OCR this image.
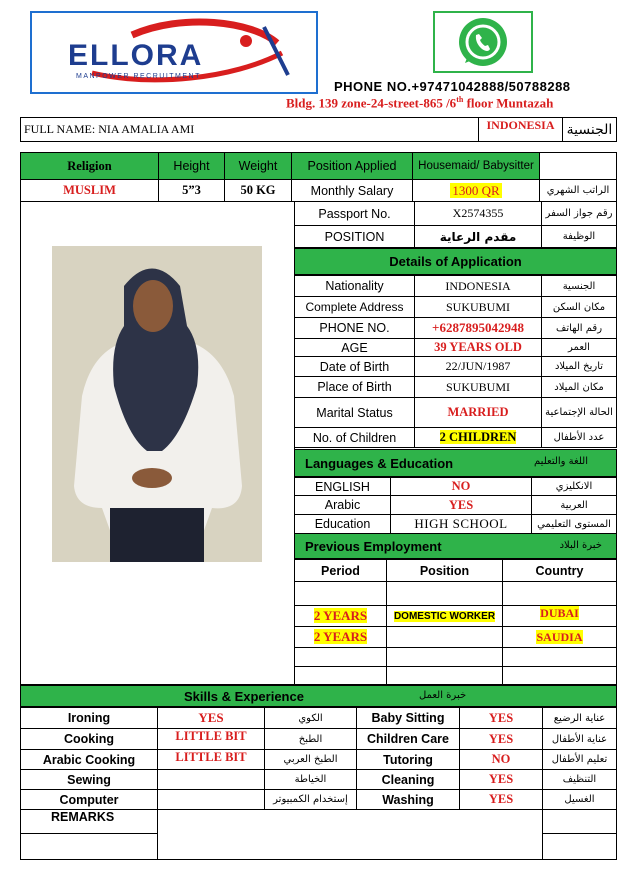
ELLORA
MANPOWER RECRUITMENT
PHONE NO.+97471042888/50788288
Bldg. 139 zone-24-street-865 /6th floor Muntazah
FULL NAME: NIA AMALIA AMI	INDONESIA	الجنسية
Religion	Height	Weight	Position Applied	Housemaid/ Babysitter	
MUSLIM	5”3	50 KG	Monthly Salary	1300 QR	الراتب الشهري
Passport No.	X2574355	رقم جواز السفر
POSITION	مقدم الرعاية	الوظيفة
Details of Application
Nationality	INDONESIA	الجنسية
Complete Address	SUKUBUMI	مكان السكن
PHONE NO.	+6287895042948	رقم الهاتف
AGE	39 YEARS OLD	العمر
Date of Birth	22/JUN/1987	تاريخ الميلاد
Place of Birth	SUKUBUMI	مكان الميلاد
Marital Status	MARRIED	الحالة الإجتماعية
No. of Children	2 CHILDREN	عدد الأطفال
Languages & Education	اللغة والتعليم
ENGLISH	NO	الانكليزي
Arabic	YES	العربية
Education	HIGH SCHOOL	المستوى التعليمي
Previous Employment	خبرة البلاد
Period	Position	Country

2 YEARS	DOMESTIC WORKER	DUBAI
2 YEARS		SAUDIA

Skills & Experience	خبرة العمل
Ironing	YES	الكوي	Baby Sitting	YES	عناية الرضيع
Cooking	LITTLE BIT	الطبخ	Children Care	YES	عناية الأطفال
Arabic Cooking	LITTLE BIT	الطبخ العربي	Tutoring	NO	تعليم الأطفال
Sewing		الخياطة	Cleaning	YES	التنظيف
Computer		إستخدام الكمبيوتر	Washing	YES	الغسيل
REMARKS					
